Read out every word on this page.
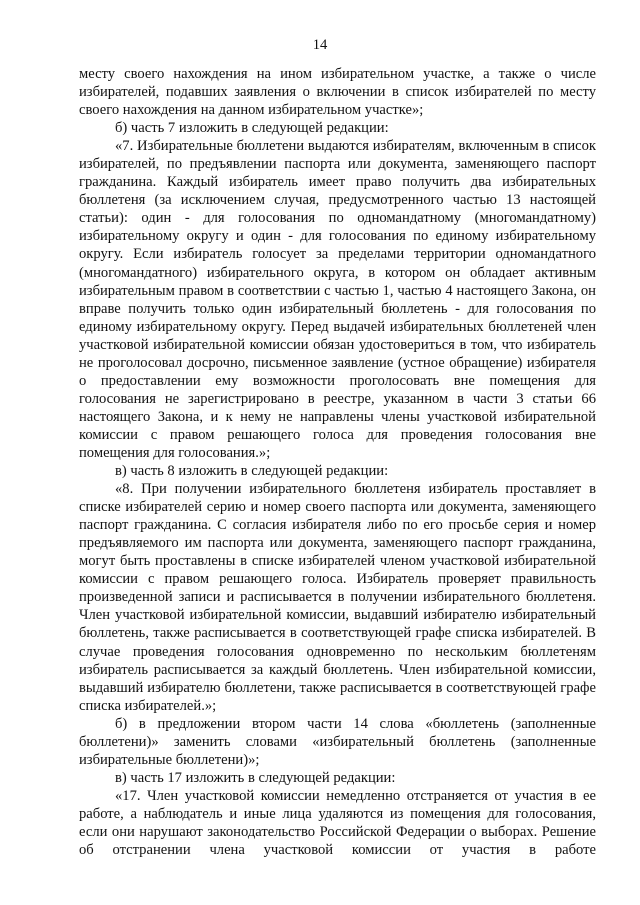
14

месту своего нахождения на ином избирательном участке, а также о числе избирателей, подавших заявления о включении в список избирателей по месту своего нахождения на данном избирательном участке»;

б) часть 7 изложить в следующей редакции:

«7. Избирательные бюллетени выдаются избирателям, включенным в список избирателей, по предъявлении паспорта или документа, заменяющего паспорт гражданина. Каждый избиратель имеет право получить два избирательных бюллетеня (за исключением случая, предусмотренного частью 13 настоящей статьи): один - для голосования по одномандатному (многомандатному) избирательному округу и один - для голосования по единому избирательному округу. Если избиратель голосует за пределами территории одномандатного (многомандатного) избирательного округа, в котором он обладает активным избирательным правом в соответствии с частью 1, частью 4 настоящего Закона, он вправе получить только один избирательный бюллетень - для голосования по единому избирательному округу. Перед выдачей избирательных бюллетеней член участковой избирательной комиссии обязан удостовериться в том, что избиратель не проголосовал досрочно, письменное заявление (устное обращение) избирателя о предоставлении ему возможности проголосовать вне помещения для голосования не зарегистрировано в реестре, указанном в части 3 статьи 66 настоящего Закона, и к нему не направлены члены участковой избирательной комиссии с правом решающего голоса для проведения голосования вне помещения для голосования.»;

в) часть 8 изложить в следующей редакции:

«8. При получении избирательного бюллетеня избиратель проставляет в списке избирателей серию и номер своего паспорта или документа, заменяющего паспорт гражданина. С согласия избирателя либо по его просьбе серия и номер предъявляемого им паспорта или документа, заменяющего паспорт гражданина, могут быть проставлены в списке избирателей членом участковой избирательной комиссии с правом решающего голоса. Избиратель проверяет правильность произведенной записи и расписывается в получении избирательного бюллетеня. Член участковой избирательной комиссии, выдавший избирателю избирательный бюллетень, также расписывается в соответствующей графе списка избирателей. В случае проведения голосования одновременно по нескольким бюллетеням избиратель расписывается за каждый бюллетень. Член избирательной комиссии, выдавший избирателю бюллетени, также расписывается в соответствующей графе списка избирателей.»;

б) в предложении втором части 14 слова «бюллетень (заполненные бюллетени)» заменить словами «избирательный бюллетень (заполненные избирательные бюллетени)»;

в) часть 17 изложить в следующей редакции:

«17. Член участковой комиссии немедленно отстраняется от участия в ее работе, а наблюдатель и иные лица удаляются из помещения для голосования, если они нарушают законодательство Российской Федерации о выборах. Решение об отстранении члена участковой комиссии от участия в работе
